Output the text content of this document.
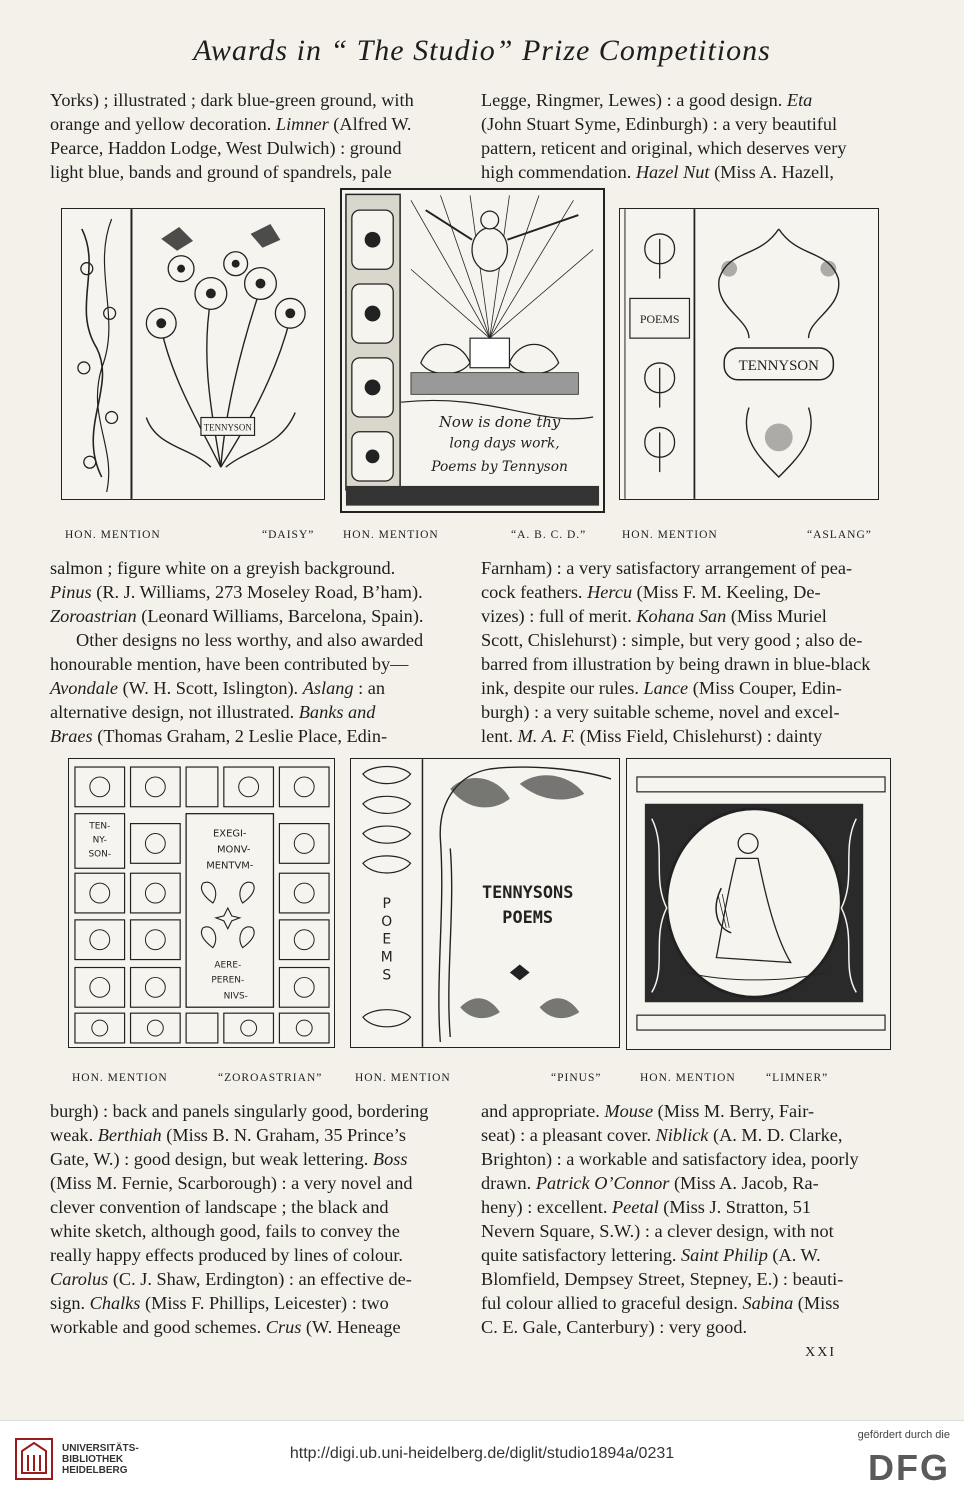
Awards in “ The Studio” Prize Competitions

Yorks) ; illustrated ; dark blue-green ground, with

orange and yellow decoration. Limner (Alfred W.

Pearce, Haddon Lodge, West Dulwich) : ground

light blue, bands and ground of spandrels, pale

Legge, Ringmer, Lewes) : a good design. Eta

(John Stuart Syme, Edinburgh) : a very beautiful

pattern, reticent and original, which deserves very

high commendation. Hazel Nut (Miss A. Hazell,

TENNYSON	Now is done thy
long days work,
Poems by Tennyson
POEMS
TENNYSON
HON. MENTION	“DAISY” HON. MENTION	“A. B. C. D.”	HON. MENTION	“ASLANG”

salmon ; figure white on a greyish background.

Pinus (R. J. Williams, 273 Moseley Road, B’ham).

Zoroastrian (Leonard Williams, Barcelona, Spain).

Other designs no less worthy, and also awarded

honourable mention, have been contributed by—

Avondale (W. H. Scott, Islington). Aslang : an

alternative design, not illustrated. Banks and

Braes (Thomas Graham, 2 Leslie Place, Edin-

Farnham) : a very satisfactory arrangement of pea-

cock feathers. Hercu (Miss F. M. Keeling, De-

vizes) : full of merit. Kohana San (Miss Muriel

Scott, Chislehurst) : simple, but very good ; also de-

barred from illustration by being drawn in blue-black

ink, despite our rules. Lance (Miss Couper, Edin-

burgh) : a very suitable scheme, novel and excel-

lent. M. A. F. (Miss Field, Chislehurst) : dainty

TEN-
NY-
SON-
EXEGI-
MONV-
MENTVM-
AERE-
PEREN-
NIVS-
P
O
E
M
S
TENNYSONS
POEMS
HON. MENTION	“ZOROASTRIAN”	HON. MENTION	“PINUS”	HON. MENTION	“LIMNER”

burgh) : back and panels singularly good, bordering

weak. Berthiah (Miss B. N. Graham, 35 Prince’s

Gate, W.) : good design, but weak lettering. Boss

(Miss M. Fernie, Scarborough) : a very novel and

clever convention of landscape ; the black and

white sketch, although good, fails to convey the

really happy effects produced by lines of colour.

Carolus (C. J. Shaw, Erdington) : an effective de-

sign. Chalks (Miss F. Phillips, Leicester) : two

workable and good schemes. Crus (W. Heneage

and appropriate. Mouse (Miss M. Berry, Fair-

seat) : a pleasant cover. Niblick (A. M. D. Clarke,

Brighton) : a workable and satisfactory idea, poorly

drawn. Patrick O’Connor (Miss A. Jacob, Ra-

heny) : excellent. Peetal (Miss J. Stratton, 51

Nevern Square, S.W.) : a clever design, with not

quite satisfactory lettering. Saint Philip (A. W.

Blomfield, Dempsey Street, Stepney, E.) : beauti-

ful colour allied to graceful design. Sabina (Miss

C. E. Gale, Canterbury) : very good.

XXI
UNIVERSITÄTS-
BIBLIOTHEK
HEIDELBERG
http://digi.ub.uni-heidelberg.de/diglit/studio1894a/0231
gefördert durch die
DFG
